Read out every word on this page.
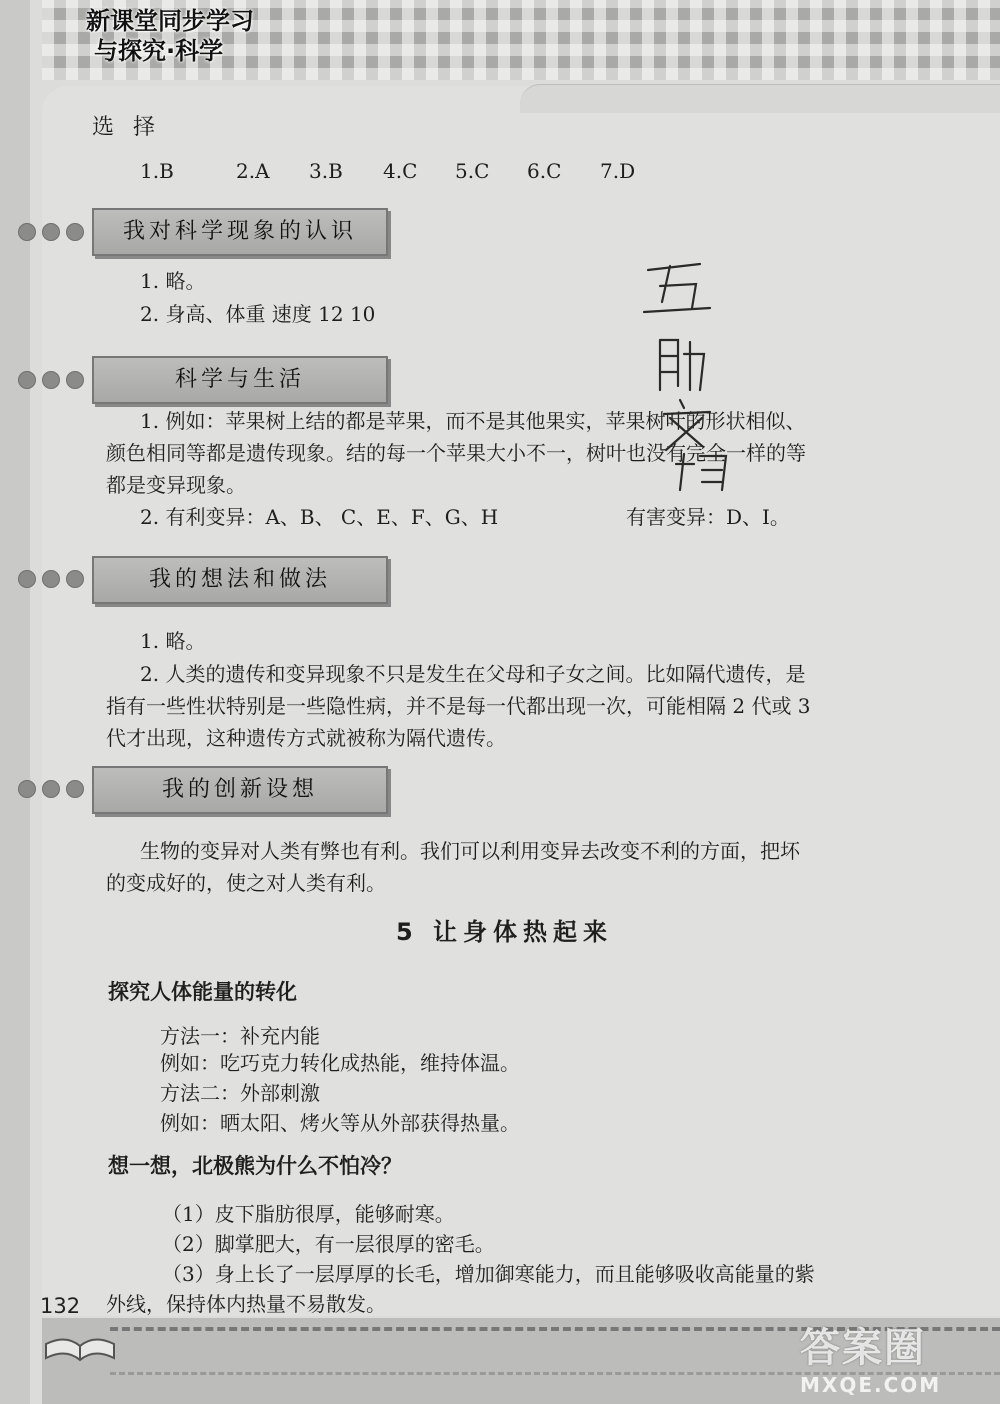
新课堂同步学习
与探究·科学
选 择
1.B	2.A 3.B 4.C 5.C 6.C 7.D
我对科学现象的认识
1. 略。
2. 身高、体重 速度 12 10
科学与生活
1. 例如：苹果树上结的都是苹果，而不是其他果实，苹果树叶的形状相似、
颜色相同等都是遗传现象。结的每一个苹果大小不一，树叶也没有完全一样的等
都是变异现象。
2. 有利变异：A、B、 C、E、F、G、H	有害变异：D、I。
我的想法和做法
1. 略。
2. 人类的遗传和变异现象不只是发生在父母和子女之间。比如隔代遗传，是
指有一些性状特别是一些隐性病，并不是每一代都出现一次，可能相隔 2 代或 3
代才出现，这种遗传方式就被称为隔代遗传。
我的创新设想
生物的变异对人类有弊也有利。我们可以利用变异去改变不利的方面，把坏
的变成好的，使之对人类有利。
5 让身体热起来
探究人体能量的转化
方法一：补充内能
例如：吃巧克力转化成热能，维持体温。
方法二：外部刺激
例如：晒太阳、烤火等从外部获得热量。
想一想，北极熊为什么不怕冷？
（1）皮下脂肪很厚，能够耐寒。
（2）脚掌肥大，有一层很厚的密毛。
（3）身上长了一层厚厚的长毛，增加御寒能力，而且能够吸收高能量的紫
外线，保持体内热量不易散发。
132
答案圈
MXQE.COM
